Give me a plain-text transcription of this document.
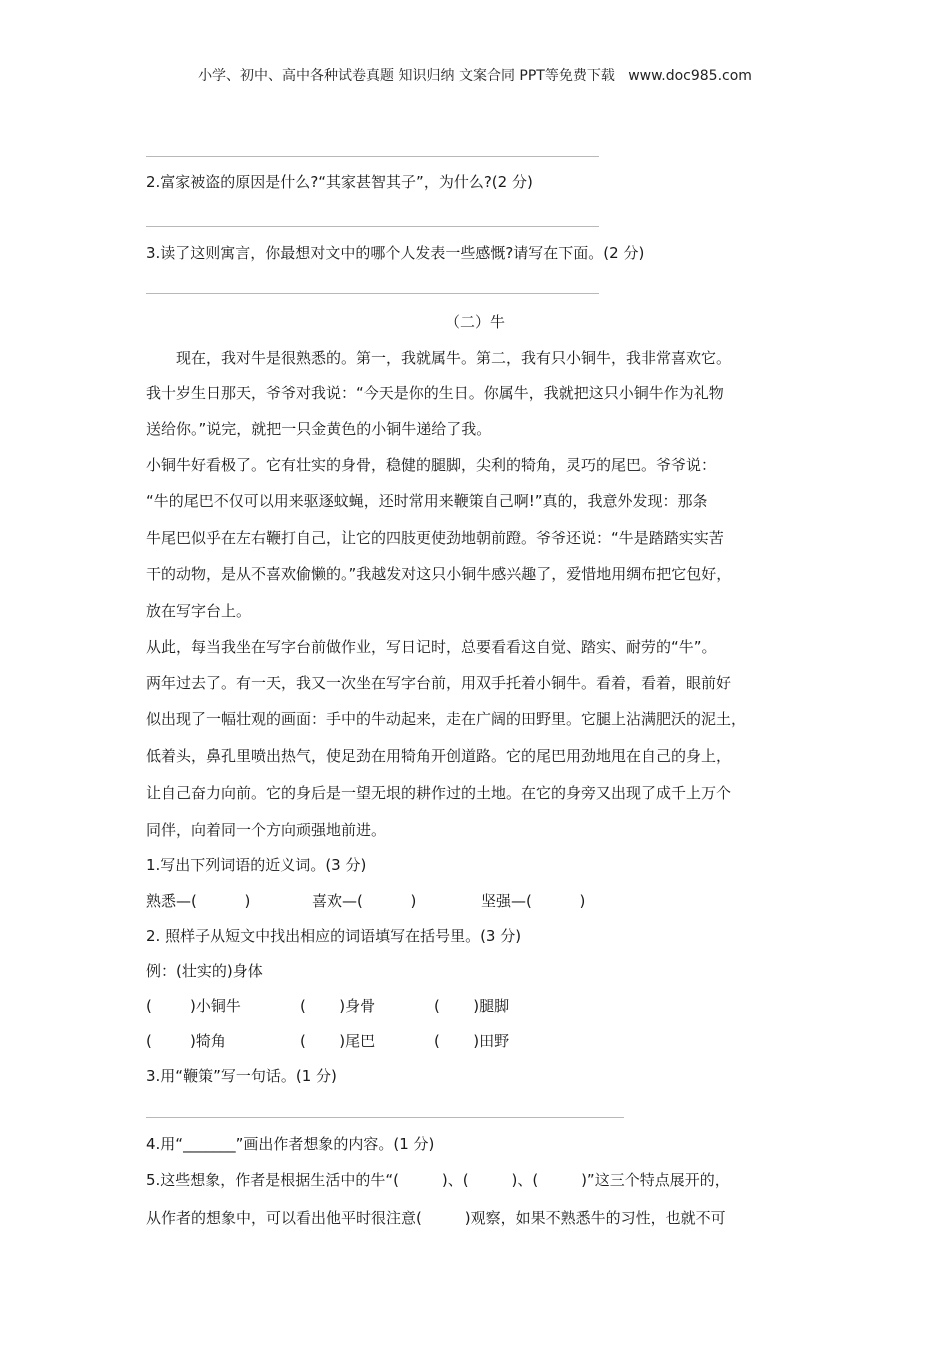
小学、初中、高中各种试卷真题 知识归纳 文案合同 PPT等免费下载   www.doc985.com
2.富家被盗的原因是什么?“其家甚智其子”，为什么?(2 分)
3.读了这则寓言，你最想对文中的哪个人发表一些感慨?请写在下面。(2 分)
（二）牛
现在，我对牛是很熟悉的。第一，我就属牛。第二，我有只小铜牛，我非常喜欢它。
我十岁生日那天，爷爷对我说：“今天是你的生日。你属牛，我就把这只小铜牛作为礼物
送给你。”说完，就把一只金黄色的小铜牛递给了我。
小铜牛好看极了。它有壮实的身骨，稳健的腿脚，尖利的犄角，灵巧的尾巴。爷爷说：
“牛的尾巴不仅可以用来驱逐蚊蝇，还时常用来鞭策自己啊!”真的，我意外发现：那条
牛尾巴似乎在左右鞭打自己，让它的四肢更使劲地朝前蹬。爷爷还说：“牛是踏踏实实苦
干的动物，是从不喜欢偷懒的。”我越发对这只小铜牛感兴趣了，爱惜地用绸布把它包好，
放在写字台上。
从此，每当我坐在写字台前做作业，写日记时，总要看看这自觉、踏实、耐劳的“牛”。
两年过去了。有一天，我又一次坐在写字台前，用双手托着小铜牛。看着，看着，眼前好
似出现了一幅壮观的画面：手中的牛动起来，走在广阔的田野里。它腿上沾满肥沃的泥土，
低着头，鼻孔里喷出热气，使足劲在用犄角开创道路。它的尾巴用劲地甩在自己的身上，
让自己奋力向前。它的身后是一望无垠的耕作过的土地。在它的身旁又出现了成千上万个
同伴，向着同一个方向顽强地前进。
1.写出下列词语的近义词。(3 分)
熟悉—(          )	喜欢—(          )	坚强—(          )
2. 照样子从短文中找出相应的词语填写在括号里。(3 分)
例：(壮实的)身体
(        )小铜牛	(       )身骨	(       )腿脚
(        )犄角	(       )尾巴	(       )田野
3.用“鞭策”写一句话。(1 分)
4.用“_______”画出作者想象的内容。(1 分)
5.这些想象，作者是根据生活中的牛“(         )、(         )、(         )”这三个特点展开的，
从作者的想象中，可以看出他平时很注意(         )观察，如果不熟悉牛的习性，也就不可
